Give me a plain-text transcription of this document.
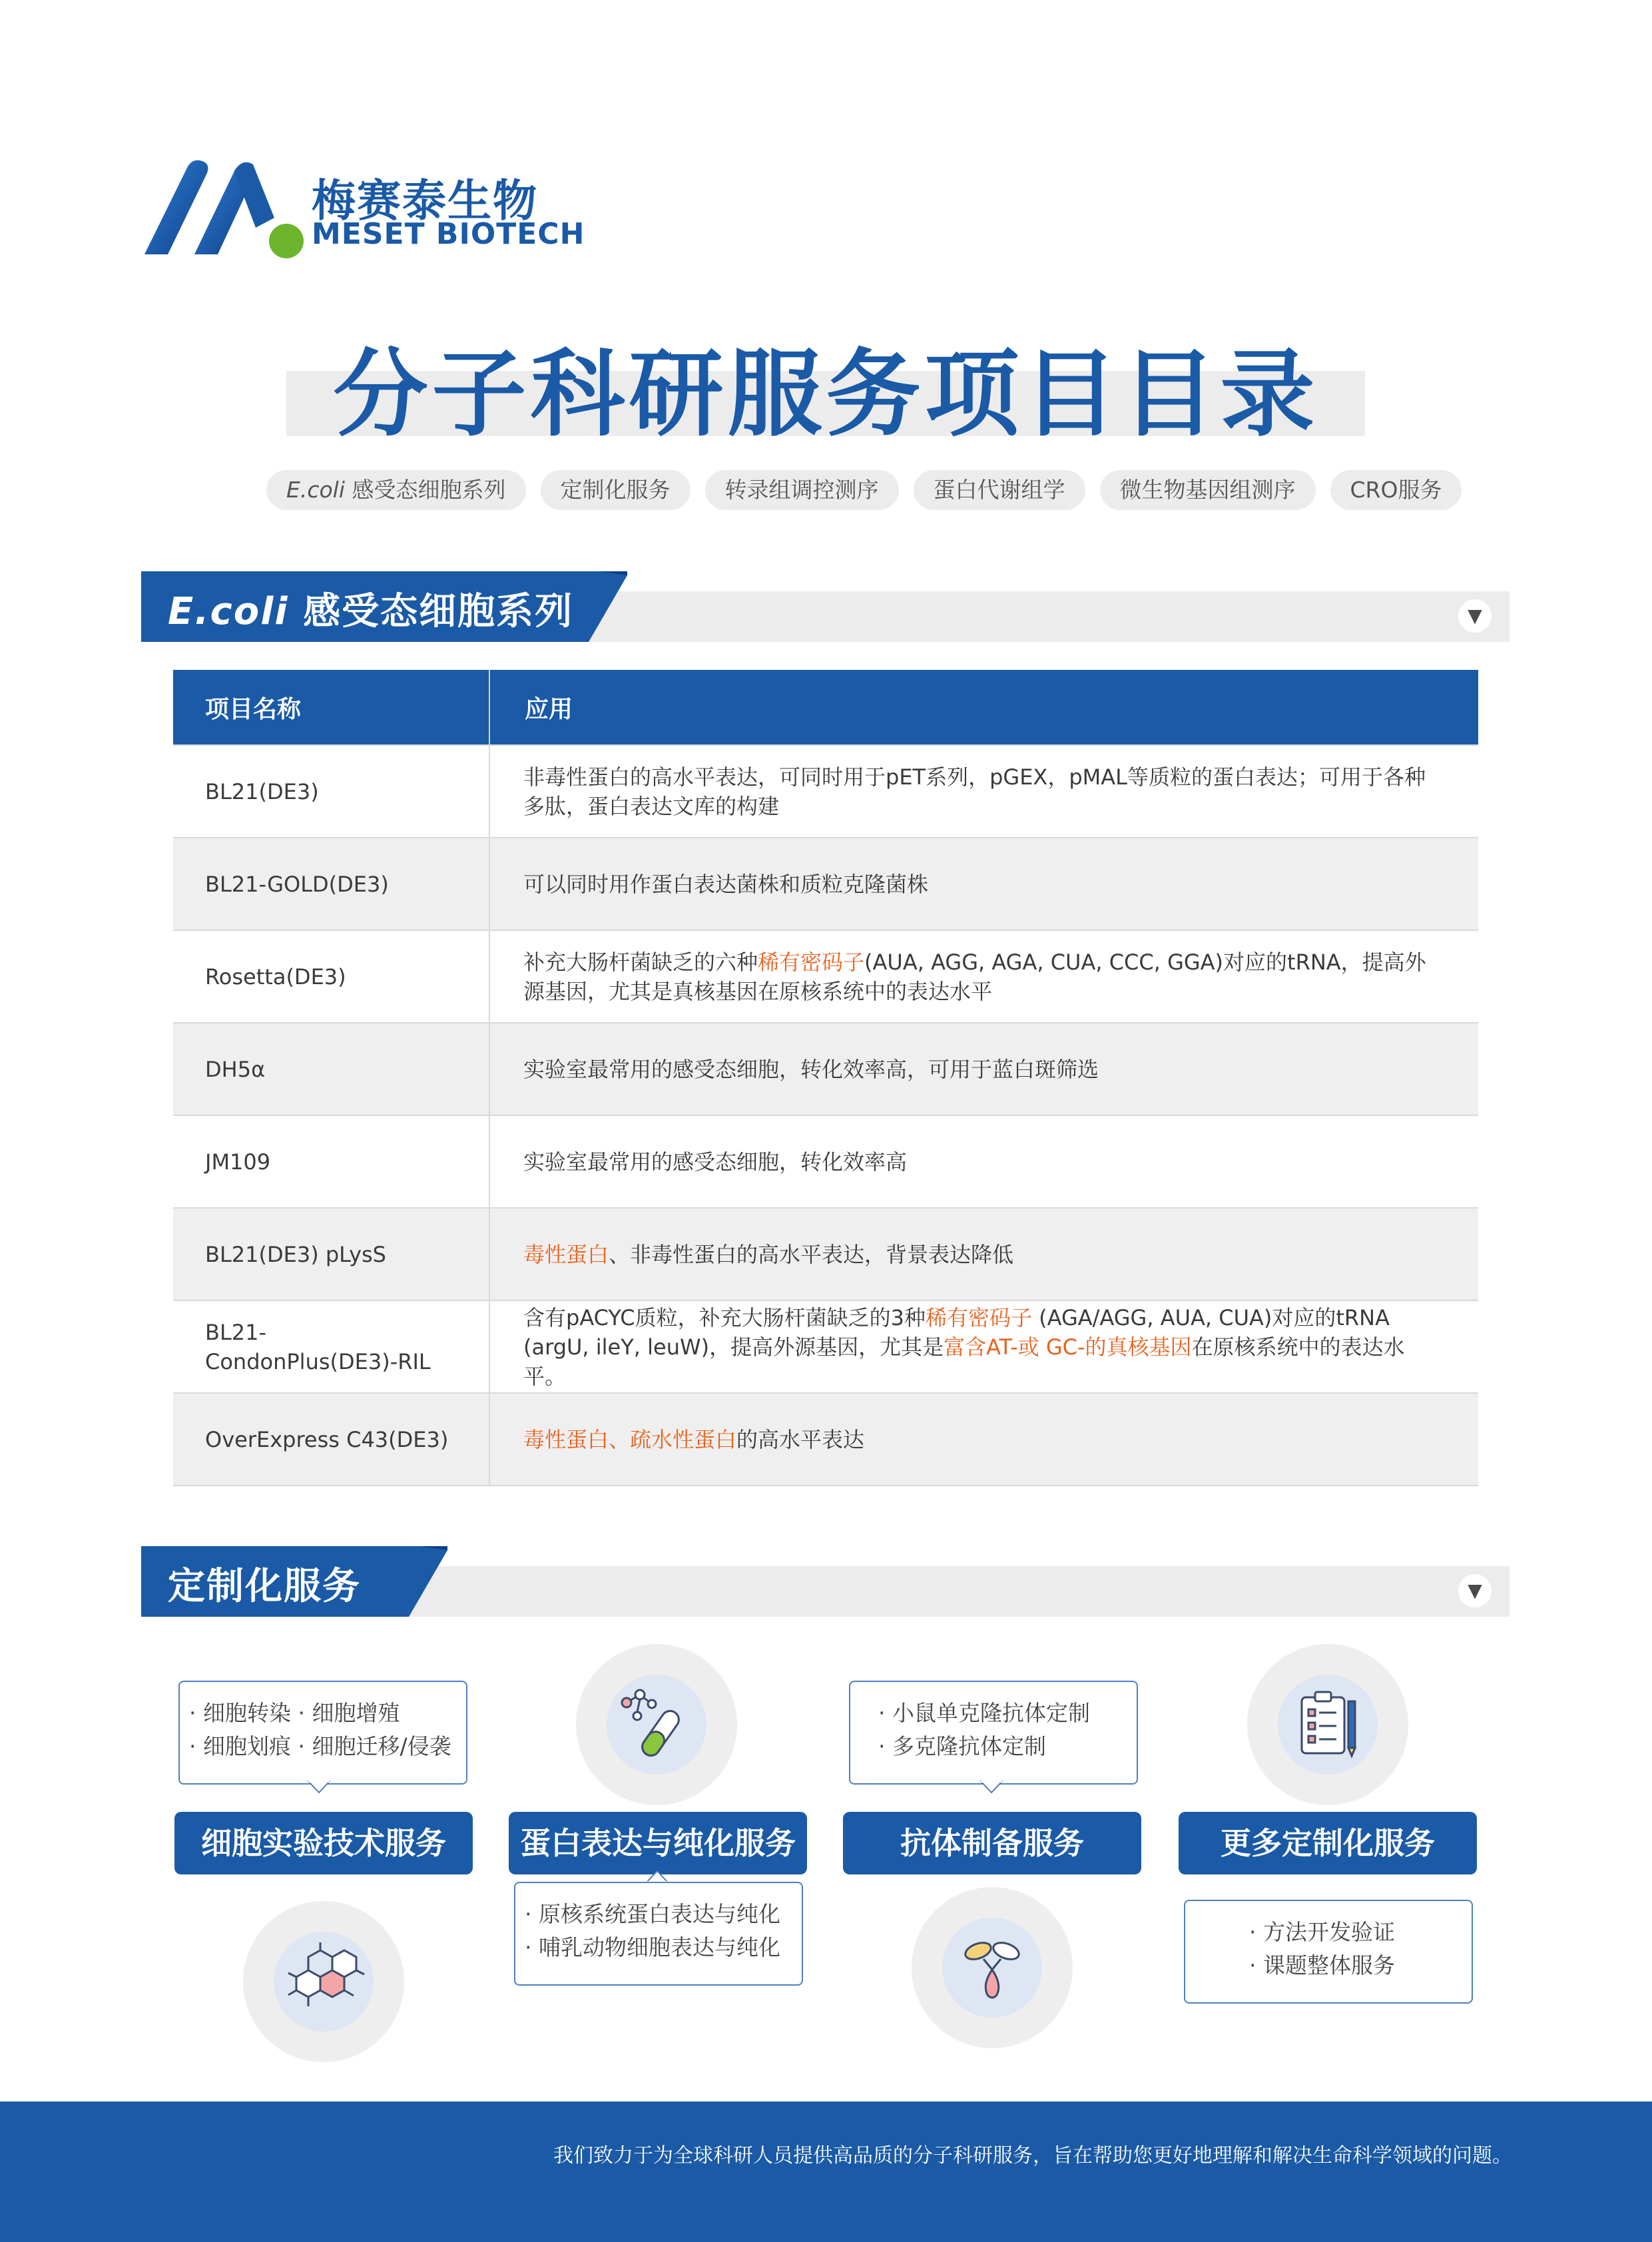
梅赛泰生物
MESET BIOTECH
分子科研服务项目目录
E.coli 感受态细胞系列	定制化服务	转录组调控测序	蛋白代谢组学	微生物基因组测序	CRO服务
E.coli 感受态细胞系列	▼
项目名称	应用
BL21(DE3)	非毒性蛋白的高水平表达，可同时用于pET系列，pGEX，pMAL等质粒的蛋白表达；可用于各种多肽，蛋白表达文库的构建
BL21-GOLD(DE3)	可以同时用作蛋白表达菌株和质粒克隆菌株
Rosetta(DE3)	补充大肠杆菌缺乏的六种稀有密码子(AUA, AGG, AGA, CUA, CCC, GGA)对应的tRNA，提高外源基因，尤其是真核基因在原核系统中的表达水平
DH5α	实验室最常用的感受态细胞，转化效率高，可用于蓝白斑筛选
JM109	实验室最常用的感受态细胞，转化效率高
BL21(DE3) pLysS	毒性蛋白、非毒性蛋白的高水平表达，背景表达降低
BL21-CondonPlus(DE3)-RIL	含有pACYC质粒，补充大肠杆菌缺乏的3种稀有密码子 (AGA/AGG, AUA, CUA)对应的tRNA (argU, ileY, leuW)，提高外源基因，尤其是富含AT-或 GC-的真核基因在原核系统中的表达水平。
OverExpress C43(DE3)	毒性蛋白、疏水性蛋白的高水平表达
定制化服务	▼
· 细胞转染 · 细胞增殖
· 细胞划痕 · 细胞迁移/侵袭
细胞实验技术服务	蛋白表达与纯化服务
· 原核系统蛋白表达与纯化
· 哺乳动物细胞表达与纯化
· 小鼠单克隆抗体定制
· 多克隆抗体定制
抗体制备服务	更多定制化服务
· 方法开发验证
· 课题整体服务
我们致力于为全球科研人员提供高品质的分子科研服务，旨在帮助您更好地理解和解决生命科学领域的问题。
